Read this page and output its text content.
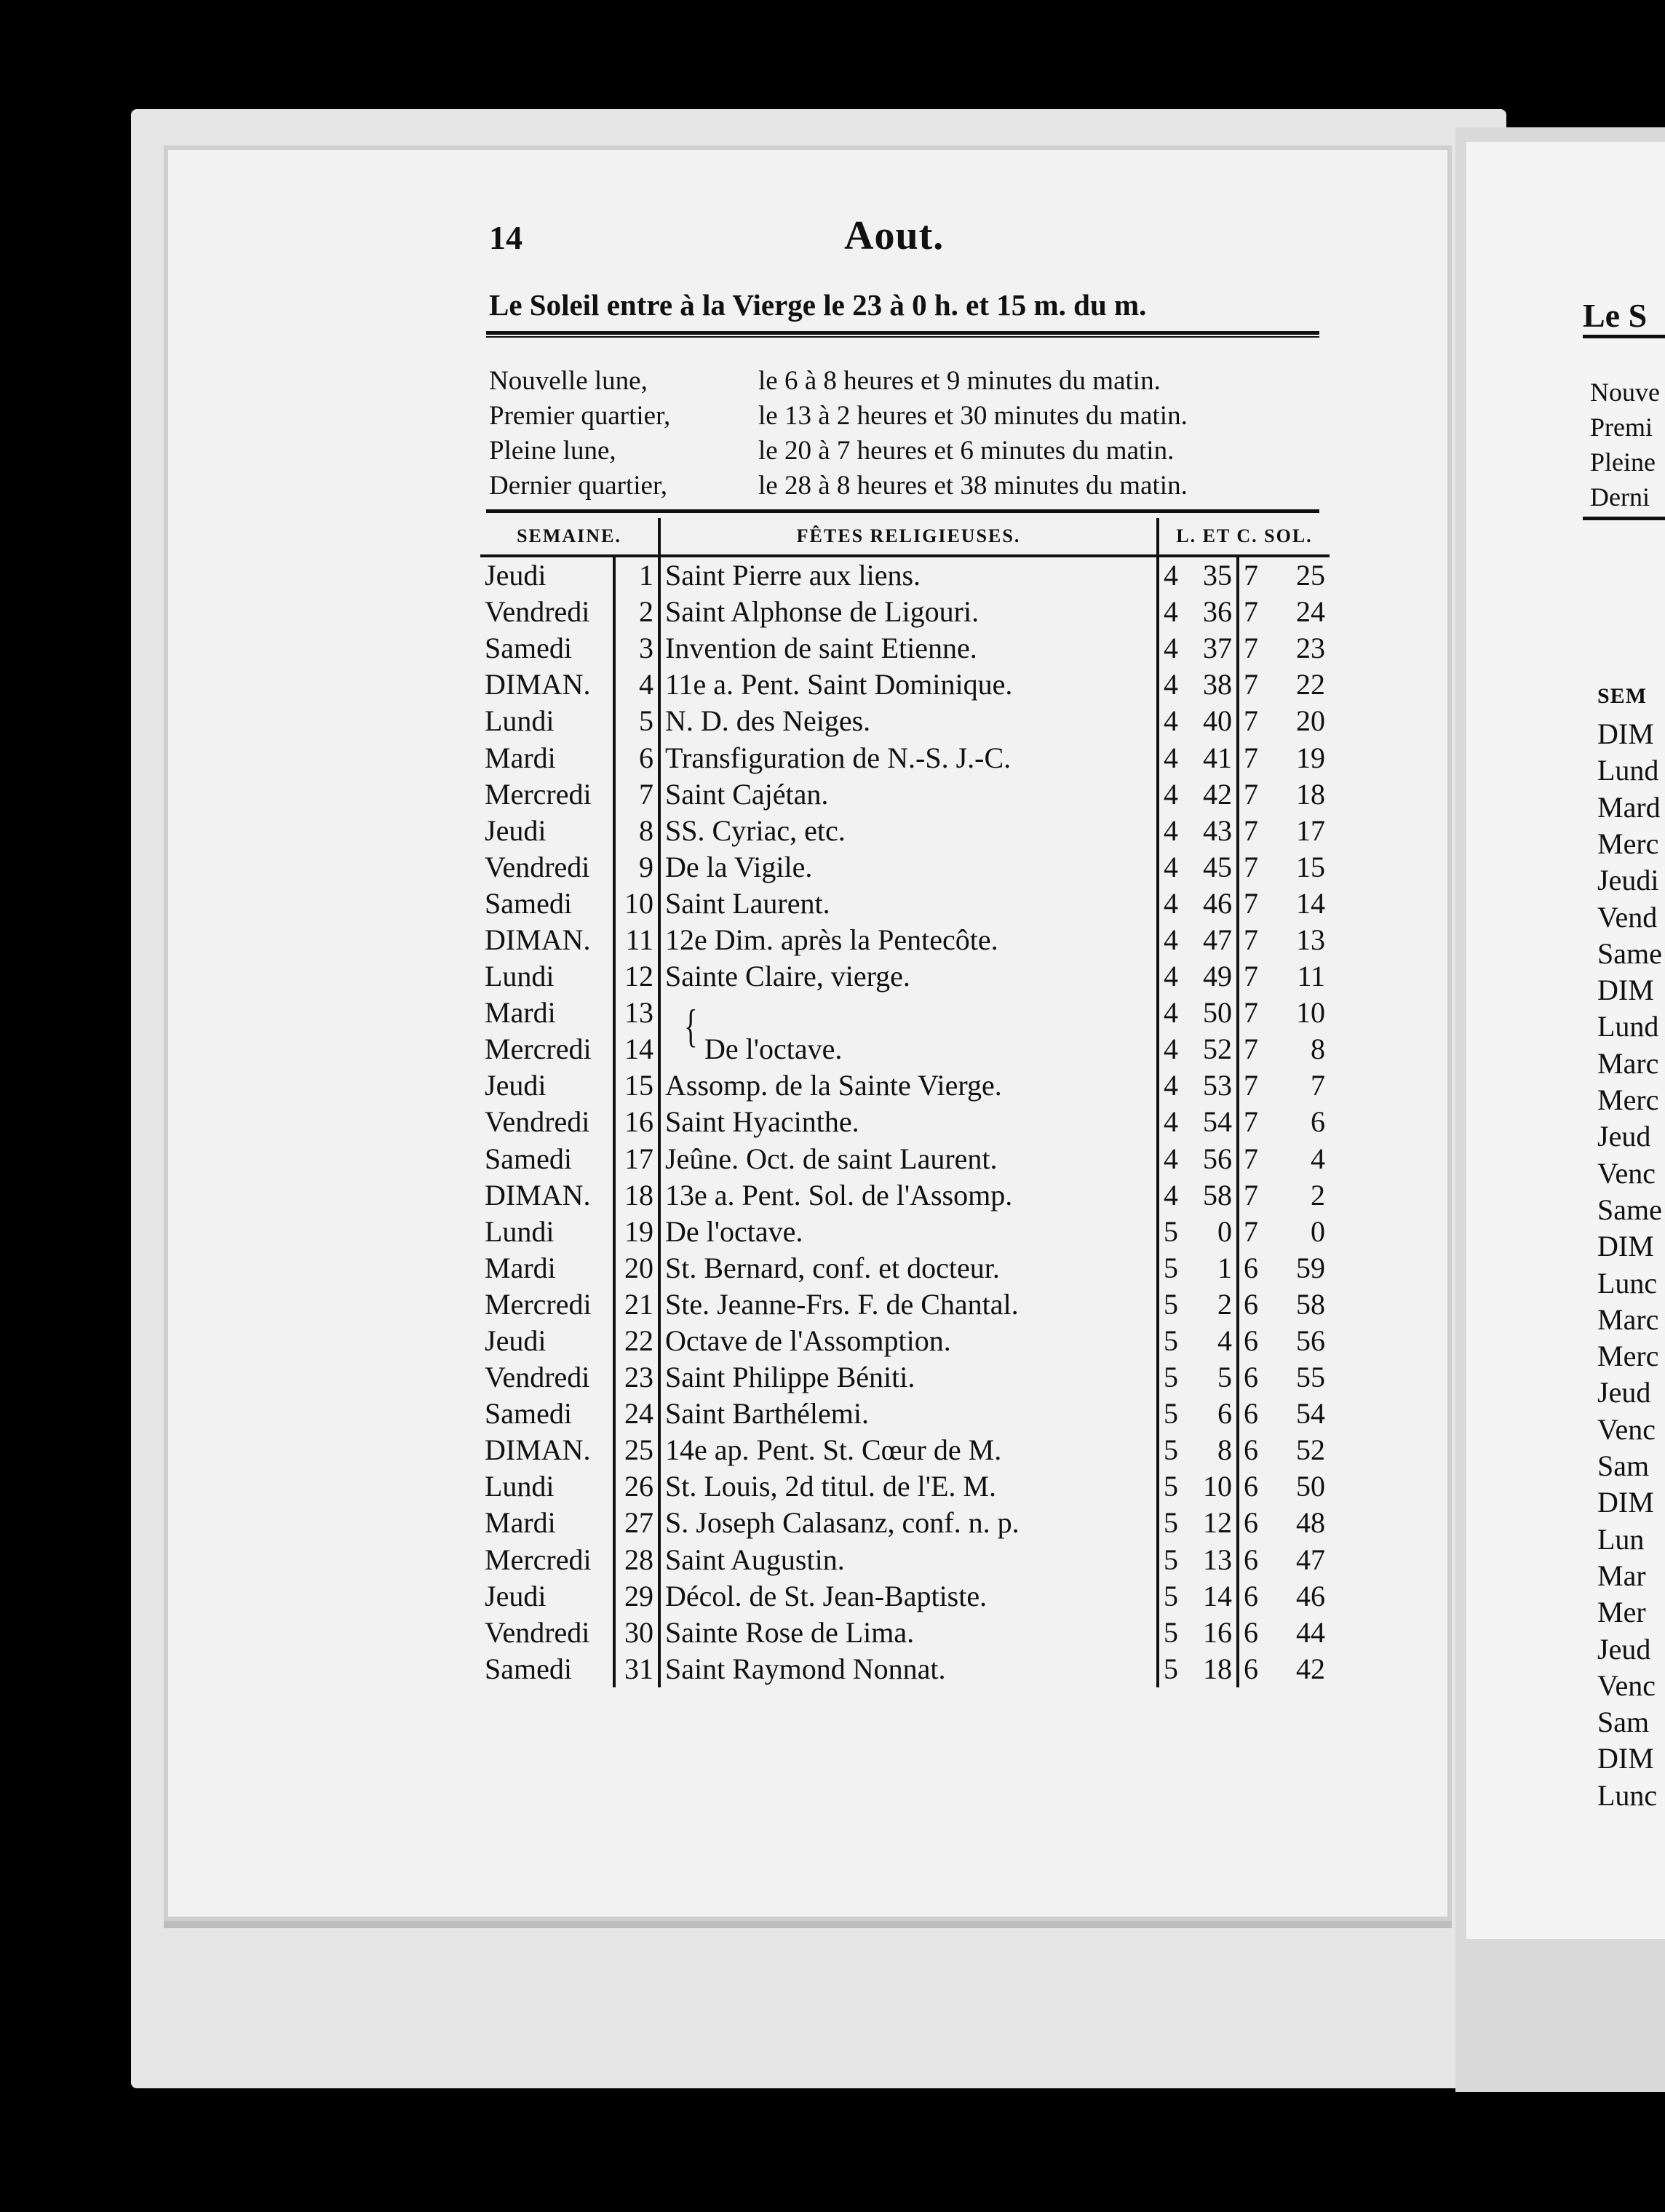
Le S
Nouve
Premi
Pleine
Derni
SEM
DIM
Lund
Mard
Merc
Jeudi
Vend
Same
DIM
Lund
Marc
Merc
Jeud
Venc
Same
DIM
Lunc
Marc
Merc
Jeud
Venc
Sam
DIM
Lun
Mar
Mer
Jeud
Venc
Sam
DIM
Lunc
14	Aout.
Le Soleil entre à la Vierge le 23 à 0 h. et 15 m. du m.
Nouvelle lune,	le 6 à 8 heures et 9 minutes du matin.
Premier quartier,	le 13 à 2 heures et 30 minutes du matin.
Pleine lune,	le 20 à 7 heures et 6 minutes du matin.
Dernier quartier,	le 28 à 8 heures et 38 minutes du matin.
SEMAINE.		FÊTES RELIGIEUSES.	L. ET C. SOL.			
Jeudi	1	Saint Pierre aux liens.	4	35	7	25
Vendredi	2	Saint Alphonse de Ligouri.	4	36	7	24
Samedi	3	Invention de saint Etienne.	4	37	7	23
DIMAN.	4	11e a. Pent. Saint Dominique.	4	38	7	22
Lundi	5	N. D. des Neiges.	4	40	7	20
Mardi	6	Transfiguration de N.-S. J.-C.	4	41	7	19
Mercredi	7	Saint Cajétan.	4	42	7	18
Jeudi	8	SS. Cyriac, etc.	4	43	7	17
Vendredi	9	De la Vigile.	4	45	7	15
Samedi	10	Saint Laurent.	4	46	7	14
DIMAN.	11	12e Dim. après la Pentecôte.	4	47	7	13
Lundi	12	Sainte Claire, vierge.	4	49	7	11
Mardi	13		4	50	7	10
Mercredi	14	De l'octave.	4	52	7	8
Jeudi	15	Assomp. de la Sainte Vierge.	4	53	7	7
Vendredi	16	Saint Hyacinthe.	4	54	7	6
Samedi	17	Jeûne. Oct. de saint Laurent.	4	56	7	4
DIMAN.	18	13e a. Pent. Sol. de l'Assomp.	4	58	7	2
Lundi	19	De l'octave.	5	0	7	0
Mardi	20	St. Bernard, conf. et docteur.	5	1	6	59
Mercredi	21	Ste. Jeanne-Frs. F. de Chantal.	5	2	6	58
Jeudi	22	Octave de l'Assomption.	5	4	6	56
Vendredi	23	Saint Philippe Béniti.	5	5	6	55
Samedi	24	Saint Barthélemi.	5	6	6	54
DIMAN.	25	14e ap. Pent. St. Cœur de M.	5	8	6	52
Lundi	26	St. Louis, 2d titul. de l'E. M.	5	10	6	50
Mardi	27	S. Joseph Calasanz, conf. n. p.	5	12	6	48
Mercredi	28	Saint Augustin.	5	13	6	47
Jeudi	29	Décol. de St. Jean-Baptiste.	5	14	6	46
Vendredi	30	Sainte Rose de Lima.	5	16	6	44
Samedi	31	Saint Raymond Nonnat.	5	18	6	42
{
